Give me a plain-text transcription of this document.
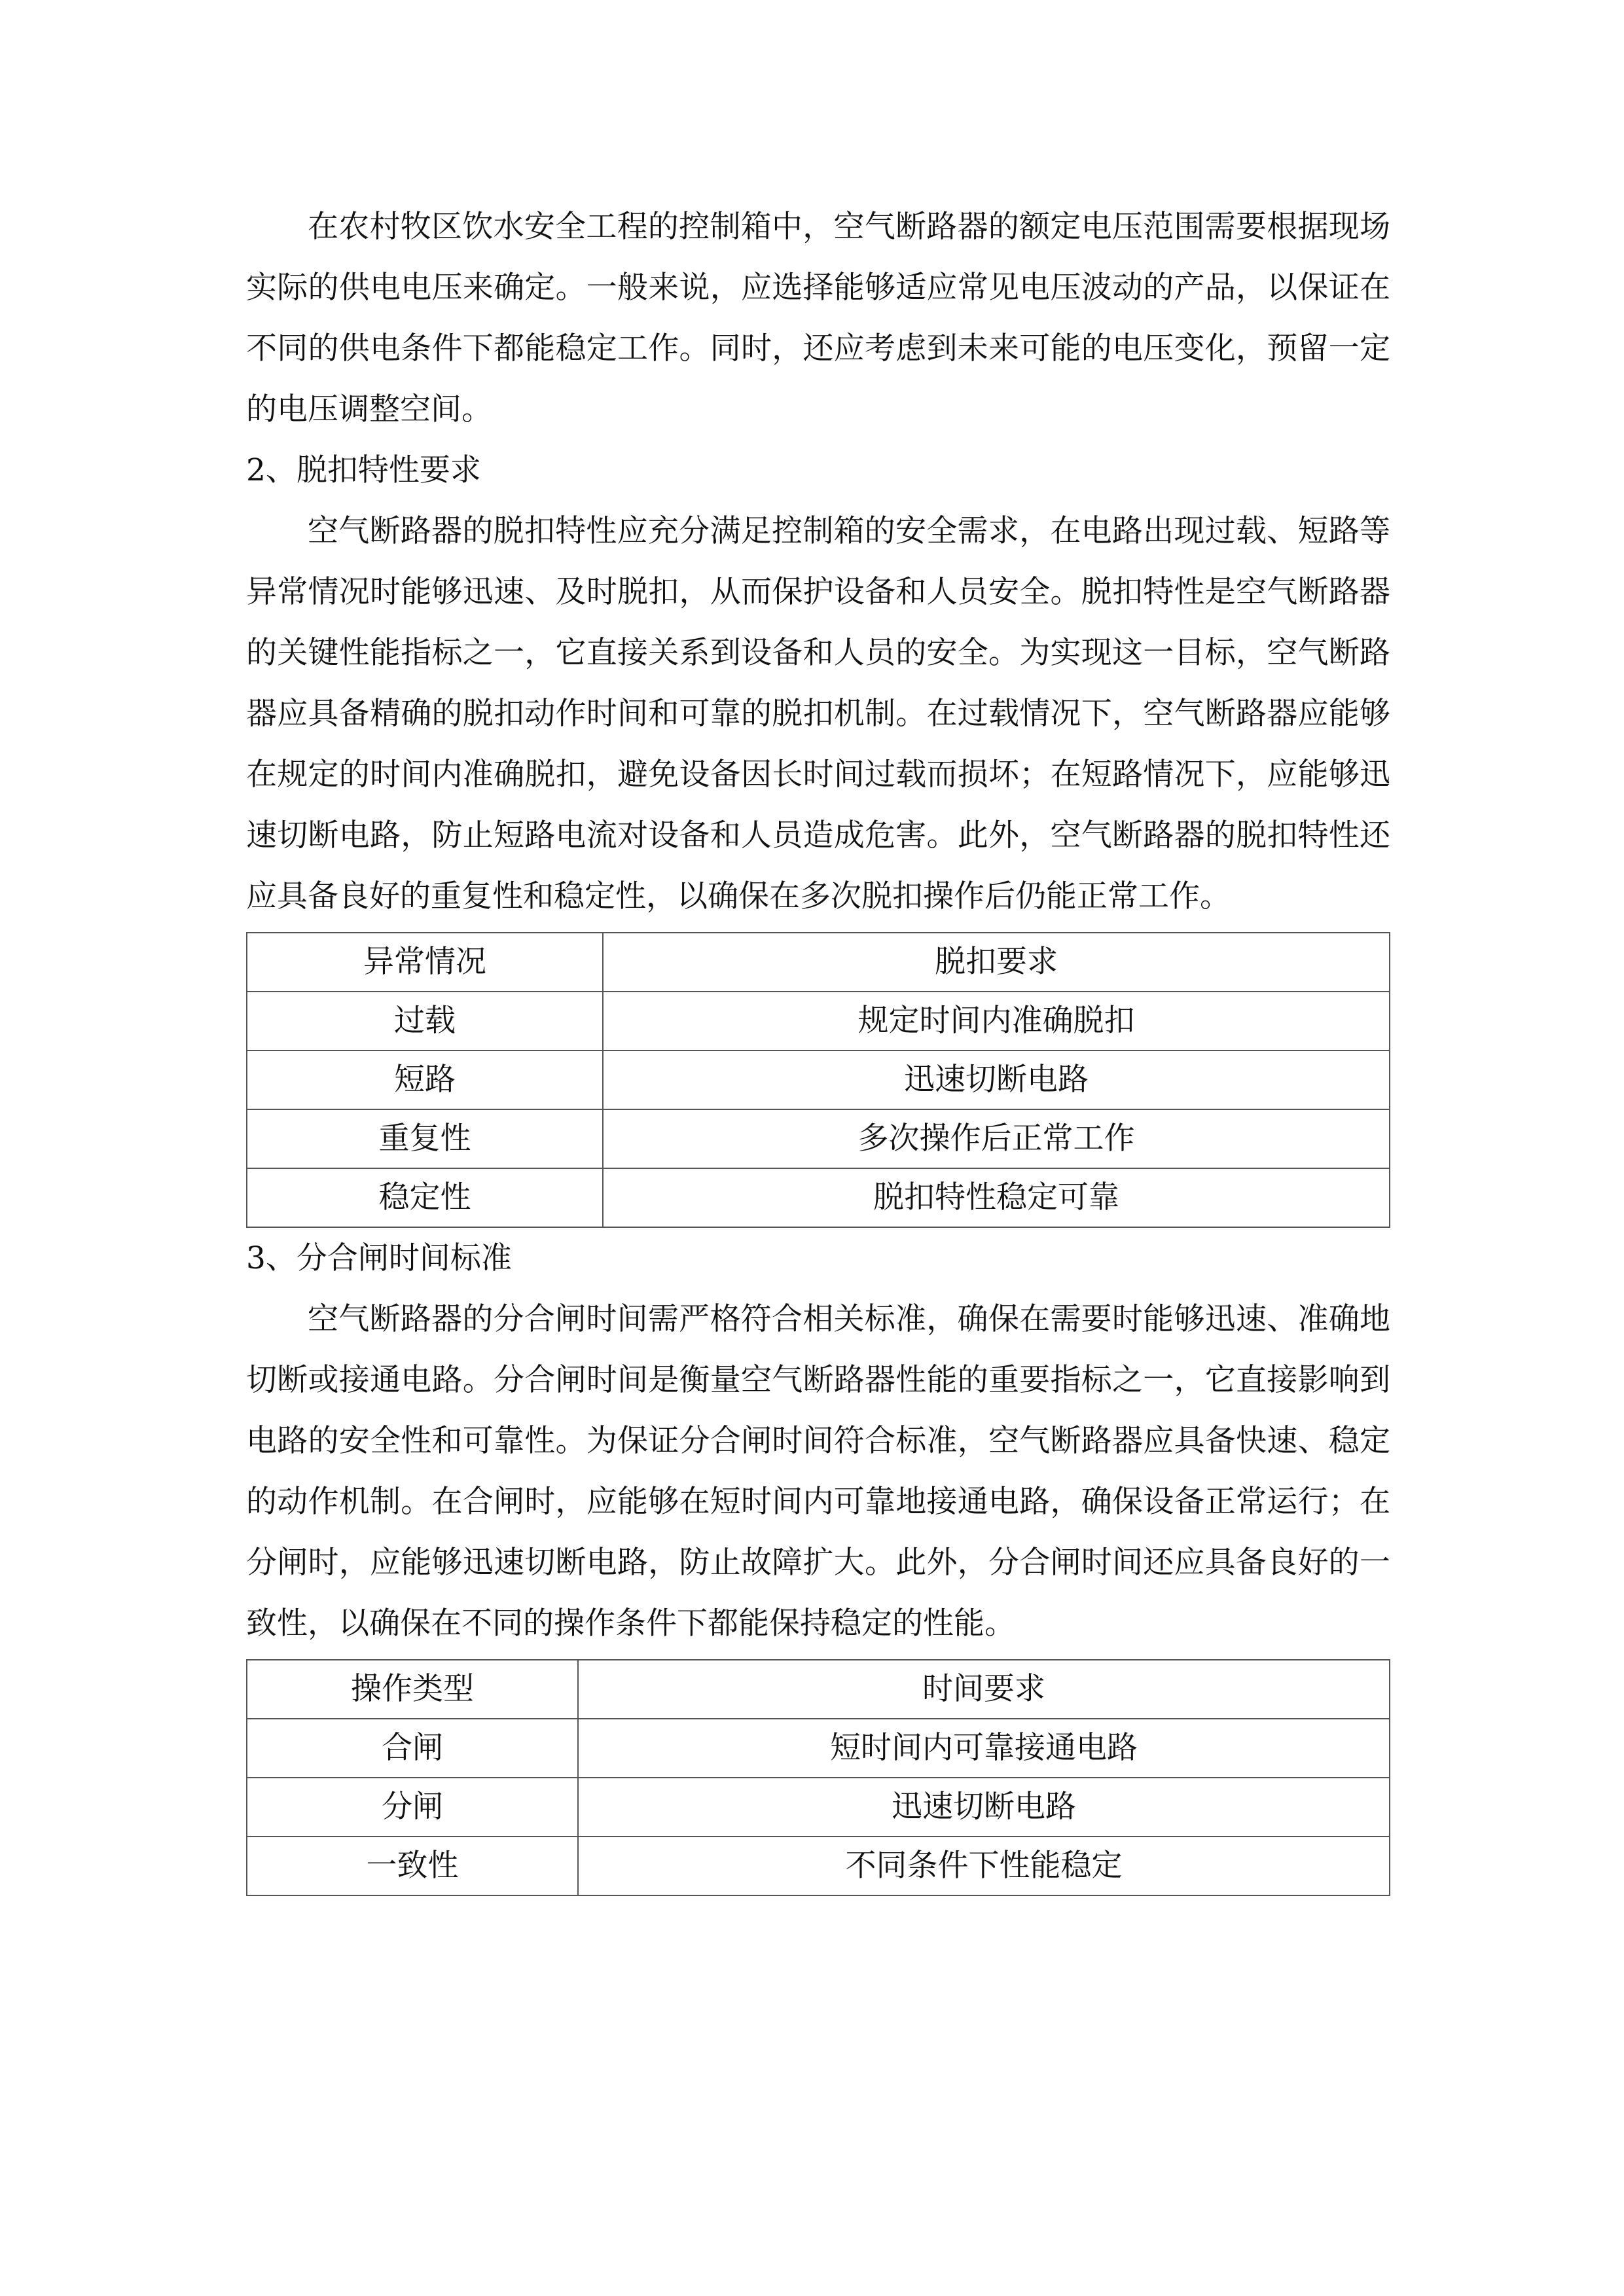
在农村牧区饮水安全工程的控制箱中，空气断路器的额定电压范围需要根据现场实际的供电电压来确定。一般来说，应选择能够适应常见电压波动的产品，以保证在不同的供电条件下都能稳定工作。同时，还应考虑到未来可能的电压变化，预留一定的电压调整空间。

2、脱扣特性要求

空气断路器的脱扣特性应充分满足控制箱的安全需求，在电路出现过载、短路等异常情况时能够迅速、及时脱扣，从而保护设备和人员安全。脱扣特性是空气断路器的关键性能指标之一，它直接关系到设备和人员的安全。为实现这一目标，空气断路器应具备精确的脱扣动作时间和可靠的脱扣机制。在过载情况下，空气断路器应能够在规定的时间内准确脱扣，避免设备因长时间过载而损坏；在短路情况下，应能够迅速切断电路，防止短路电流对设备和人员造成危害。此外，空气断路器的脱扣特性还应具备良好的重复性和稳定性，以确保在多次脱扣操作后仍能正常工作。

异常情况	脱扣要求
过载	规定时间内准确脱扣
短路	迅速切断电路
重复性	多次操作后正常工作
稳定性	脱扣特性稳定可靠
3、分合闸时间标准

空气断路器的分合闸时间需严格符合相关标准，确保在需要时能够迅速、准确地切断或接通电路。分合闸时间是衡量空气断路器性能的重要指标之一，它直接影响到电路的安全性和可靠性。为保证分合闸时间符合标准，空气断路器应具备快速、稳定的动作机制。在合闸时，应能够在短时间内可靠地接通电路，确保设备正常运行；在分闸时，应能够迅速切断电路，防止故障扩大。此外，分合闸时间还应具备良好的一致性，以确保在不同的操作条件下都能保持稳定的性能。

操作类型	时间要求
合闸	短时间内可靠接通电路
分闸	迅速切断电路
一致性	不同条件下性能稳定
